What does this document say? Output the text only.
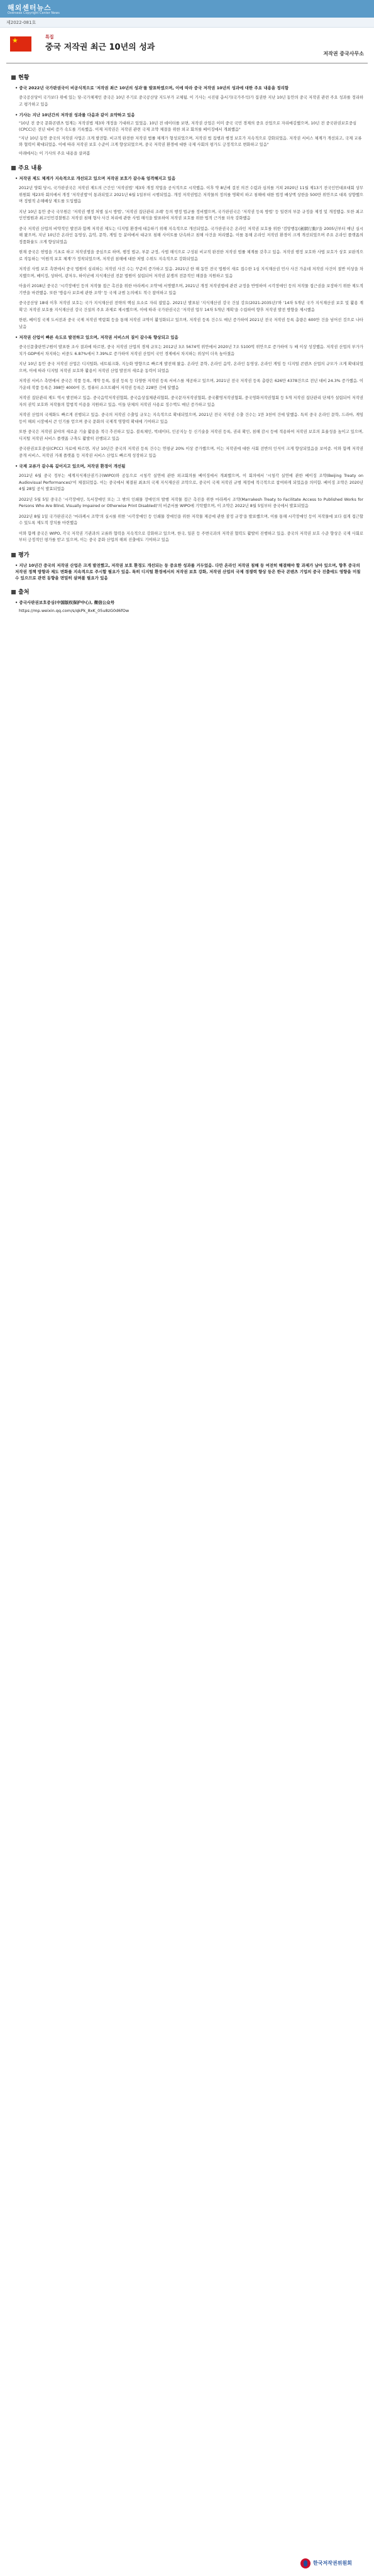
해외센터뉴스
Overseas Copyright Center News
제2022-081호
★	특집
중국 저작권 최근 10년의 성과
저작권 중국사무소
현황
• 중국 2022년 국가판권국이 비공식적으로 '저작권 최근 10년의 성과'를 발표하였으며, 이에 따라 중국 저작권 10년의 성과에 대한 주요 내용을 정리함
중국공산당이 국가보다 위에 있는 당-국가체제인 중국은 10년 주기로 중국공산당 지도부가 교체됨. 이 기사는 시진핑 총서기(국가주석)가 집권한 지난 10년 동안의 중국 저작권 관련 주요 성과를 정리하고 평가하고 있음
• 기사는 지난 10년간의 저작권 성과를 다음과 같이 요약하고 있음
"10년 전 중국 문화콘텐츠 업계는 저작권법 제3차 개정을 기대하고 있었음. 10년 전 데이터를 보면, 저작권 산업은 이미 중국 국민 경제의 중요 산업으로 자리매김했으며, 10년 전 중국판권보호중심(CPCC)은 전년 대비 증가 속도를 기록했음. 이제 저작권은 저작권 관련 국제 조약 체결을 위한 외교 회의를 베이징에서 개최했음"
"지난 10년 동안 중국의 저작권 사업은 크게 발전함. 비교적 완전한 저작권 법률 체계가 형성되었으며, 저작권 법 집행과 행정 보호가 지속적으로 강화되었음. 저작권 서비스 체계가 개선되고, 국제 교류와 협력이 확대되었음. 이에 따라 저작권 보호 수준이 크게 향상되었으며, 중국 저작권 환경에 대한 국제 사회의 평가도 긍정적으로 변화하고 있음"
아래에서는 이 기사의 주요 내용을 살펴봄
주요 내용
• 저작권 제도 체계가 지속적으로 개선되고 있으며 저작권 보호가 갈수록 엄격해지고 있음
2012년 양회 당시, 국가판권국은 저작권 제도의 근간인 '저작권법' 제3차 개정 작업을 공식적으로 시작했음. 이후 약 8년에 걸친 의견 수렴과 심의를 거쳐 2020년 11월 제13기 전국인민대표대회 상무위원회 제23차 회의에서 개정 '저작권법'이 통과되었고 2021년 6월 1일부터 시행되었음. 개정 저작권법은 저작물의 정의를 명확히 하고 침해에 대한 법정 배상액 상한을 500만 위안으로 대폭 상향했으며 징벌적 손해배상 제도를 도입했음
지난 10년 동안 중국 국무원은 '저작권 행정 처벌 실시 방법', '저작권 집단관리 조례' 등의 행정 법규를 정비했으며, 국가판권국은 '저작권 등록 방법' 등 일련의 부문 규정을 제정 및 개정했음. 또한 최고인민법원과 최고인민검찰원은 저작권 침해 형사 사건 처리에 관한 사법 해석을 발표하여 저작권 보호를 위한 법적 근거를 더욱 강화했음
중국 저작권 산업의 비약적인 발전과 함께 저작권 제도는 디지털 환경에 대응하기 위해 지속적으로 개선되었음. 국가판권국은 온라인 저작권 보호를 위한 '검망행동(劍網行動)'을 2005년부터 매년 실시해 왔으며, 지난 10년간 온라인 동영상, 음악, 문학, 게임 등 분야에서 대규모 침해 사이트를 단속하고 침해 사건을 처리했음. 이를 통해 온라인 저작권 환경이 크게 개선되었으며 주요 온라인 플랫폼의 정품화율도 크게 향상되었음
현재 중국은 헌법을 기초로 하고 저작권법을 중심으로 하며, 행정 법규, 부문 규정, 사법 해석으로 구성된 비교적 완전한 저작권 법률 체계를 갖추고 있음. 저작권 행정 보호와 사법 보호가 상호 보완적으로 작동하는 '이원적 보호 체계'가 정착되었으며, 저작권 침해에 대한 처벌 수위도 지속적으로 강화되었음
저작권 사법 보호 측면에서 중국 법원이 심리하는 저작권 사건 수는 꾸준히 증가하고 있음. 2021년 한 해 동안 전국 법원이 새로 접수한 1심 지식재산권 민사 사건 가운데 저작권 사건이 절반 이상을 차지했으며, 베이징, 상하이, 광저우, 하이난에 지식재산권 전문 법원이 설립되어 저작권 분쟁의 전문적인 해결을 지원하고 있음
아울러 2018년 중국은 '시각장애인 등의 저작물 접근 촉진을 위한 마라케시 조약'에 서명했으며, 2021년 개정 저작권법에 관련 규정을 반영하여 시각장애인 등의 저작물 접근권을 보장하기 위한 제도적 기반을 마련했음. 또한 '방송사 보호에 관한 조약' 등 국제 규범 논의에도 적극 참여하고 있음
중국공산당 18대 이후 저작권 보호는 국가 지식재산권 전략의 핵심 요소로 자리 잡았음. 2021년 발표된 '지식재산권 강국 건설 강요(2021-2035년)'와 '14차 5개년 국가 지식재산권 보호 및 활용 계획'은 저작권 보호를 지식재산권 강국 건설의 주요 과제로 제시했으며, 이에 따라 국가판권국은 '저작권 업무 14차 5개년 계획'을 수립하여 향후 저작권 발전 방향을 제시했음
한편, 베이징 국제 도서전과 중국 국제 저작권 박람회 등을 통해 저작권 교역이 활성화되고 있으며, 저작권 등록 건수도 매년 증가하여 2021년 전국 저작권 등록 총량은 600만 건을 넘어선 것으로 나타났음
• 저작권 산업이 빠른 속도로 발전하고 있으며, 저작권 서비스의 질이 갈수록 향상되고 있음
중국신문출판연구원이 발표한 조사 결과에 따르면, 중국 저작권 산업의 경제 규모는 2012년 3조 5674억 위안에서 2020년 7조 5100억 위안으로 증가하여 두 배 이상 성장했음. 저작권 산업의 부가가치가 GDP에서 차지하는 비중도 6.87%에서 7.39%로 증가하여 저작권 산업이 국민 경제에서 차지하는 위상이 더욱 높아졌음
지난 10년 동안 중국 저작권 산업은 디지털화, 네트워크화, 지능화 방향으로 빠르게 발전해 왔음. 온라인 문학, 온라인 음악, 온라인 동영상, 온라인 게임 등 디지털 콘텐츠 산업의 규모가 크게 확대되었으며, 이에 따라 디지털 저작권 보호와 활용이 저작권 산업 발전의 새로운 동력이 되었음
저작권 서비스 측면에서 중국은 작품 등록, 계약 등록, 질권 등록 등 다양한 저작권 등록 서비스를 제공하고 있으며, 2021년 전국 저작권 등록 총량은 626만 4378건으로 전년 대비 24.3% 증가했음. 이 가운데 작품 등록은 398만 4000여 건, 컴퓨터 소프트웨어 저작권 등록은 228만 건에 달했음
저작권 집단관리 제도 역시 발전하고 있음. 중국음악저작권협회, 중국음상집체관리협회, 중국문자저작권협회, 중국촬영저작권협회, 중국영화저작권협회 등 5개 저작권 집단관리 단체가 설립되어 저작권자의 권익 보호와 저작물의 합법적 이용을 지원하고 있음. 이들 단체의 저작권 사용료 징수액도 매년 증가하고 있음
저작권 산업의 국제화도 빠르게 진행되고 있음. 중국의 저작권 수출입 규모는 지속적으로 확대되었으며, 2021년 전국 저작권 수출 건수는 1만 3천여 건에 달했음. 특히 중국 온라인 문학, 드라마, 게임 등이 해외 시장에서 큰 인기를 얻으며 중국 문화의 국제적 영향력 확대에 기여하고 있음
또한 중국은 저작권 분야의 새로운 기술 활용을 적극 추진하고 있음. 블록체인, 빅데이터, 인공지능 등 신기술을 저작권 등록, 권리 확인, 침해 감시 등에 적용하여 저작권 보호의 효율성을 높이고 있으며, 디지털 저작권 서비스 플랫폼 구축도 활발히 진행되고 있음
중국판권보호중심(CPCC) 자료에 따르면, 지난 10년간 중국의 저작권 등록 건수는 연평균 20% 이상 증가했으며, 이는 저작권에 대한 사회 전반의 인식이 크게 향상되었음을 보여줌. 이와 함께 저작권 중개 서비스, 저작권 거래 플랫폼 등 저작권 서비스 산업도 빠르게 성장하고 있음
• 국제 교류가 갈수록 깊어지고 있으며, 저작권 환경이 개선됨
2012년 6월 중국 정부는 세계지식재산권기구(WIPO)와 공동으로 시청각 실연에 관한 외교회의를 베이징에서 개최했으며, 이 회의에서 '시청각 실연에 관한 베이징 조약(Beijing Treaty on Audiovisual Performances)'이 체결되었음. 이는 중국에서 체결된 최초의 국제 지식재산권 조약으로, 중국이 국제 저작권 규범 제정에 적극적으로 참여하게 되었음을 의미함. 베이징 조약은 2020년 4월 28일 공식 발효되었음
2022년 5월 5일 중국은 '시각장애인, 독서장애인 또는 그 밖의 인쇄물 장애인의 발행 저작물 접근 촉진을 위한 마라케시 조약(Marrakesh Treaty to Facilitate Access to Published Works for Persons Who Are Blind, Visually Impaired or Otherwise Print Disabled)'의 비준서를 WIPO에 기탁했으며, 이 조약은 2022년 8월 5일부터 중국에서 발효되었음
2022년 8월 1일 국가판권국은 '마라케시 조약'의 실시를 위한 '시각장애인 등 인쇄물 장애인을 위한 저작물 제공에 관한 잠정 규정'을 발표했으며, 이를 통해 시각장애인 등이 저작물에 보다 쉽게 접근할 수 있도록 제도적 장치를 마련했음
이와 함께 중국은 WIPO, 각국 저작권 기관과의 교류와 협력을 지속적으로 강화하고 있으며, 한국, 일본 등 주변국과의 저작권 협력도 활발히 진행하고 있음. 중국의 저작권 보호 수준 향상은 국제 사회로부터 긍정적인 평가를 받고 있으며, 이는 중국 문화 산업의 해외 진출에도 기여하고 있음
평가
• 지난 10년간 중국의 저작권 산업은 크게 발전했고, 저작권 보호 환경도 개선되는 등 중요한 성과를 거두었음. 다만 온라인 저작권 침해 등 여전히 해결해야 할 과제가 남아 있으며, 향후 중국의 저작권 정책 방향과 제도 변화를 지속적으로 주시할 필요가 있음. 특히 디지털 환경에서의 저작권 보호 강화, 저작권 산업의 국제 경쟁력 향상 등은 한국 콘텐츠 기업의 중국 진출에도 영향을 미칠 수 있으므로 관련 동향을 면밀히 살펴볼 필요가 있음
출처
• 중국사판권보호중심(中国版权保护中心), 微信公众号
https://mp.weixin.qq.com/s/qkPk_8xK_05u8zG0d6fOw
한국저작권위원회
